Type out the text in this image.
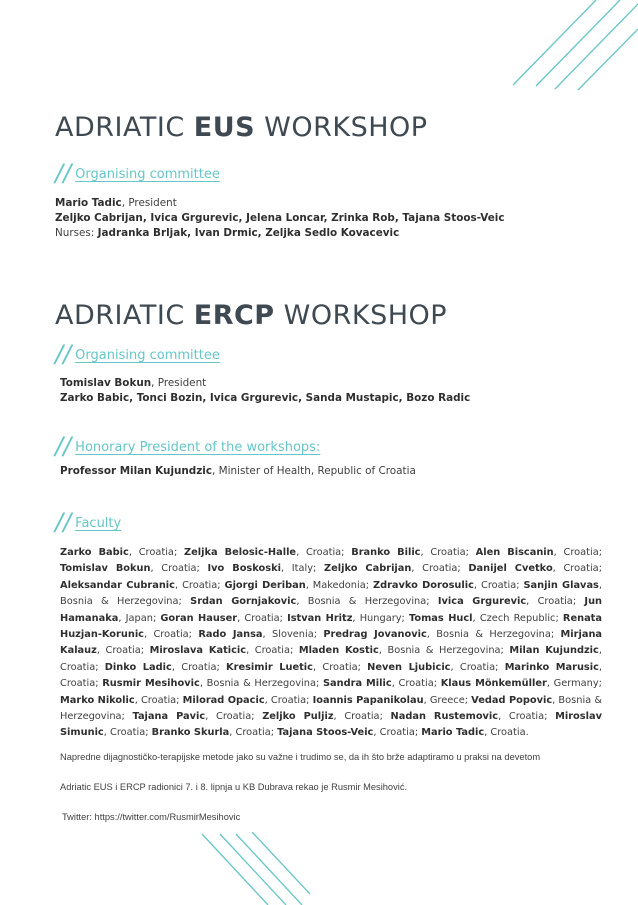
ADRIATIC EUS WORKSHOP
// Organising committee
Mario Tadic, President
Zeljko Cabrijan, Ivica Grgurevic, Jelena Loncar, Zrinka Rob, Tajana Stoos-Veic
Nurses: Jadranka Brljak, Ivan Drmic, Zeljka Sedlo Kovacevic
ADRIATIC ERCP WORKSHOP
// Organising committee
Tomislav Bokun, President
Zarko Babic, Tonci Bozin, Ivica Grgurevic, Sanda Mustapic, Bozo Radic
// Honorary President of the workshops:
Professor Milan Kujundzic, Minister of Health, Republic of Croatia
// Faculty
Zarko Babic, Croatia; Zeljka Belosic-Halle, Croatia; Branko Bilic, Croatia; Alen Biscanin, Croatia; Tomislav Bokun, Croatia; Ivo Boskoski, Italy; Zeljko Cabrijan, Croatia; Danijel Cvetko, Croatia; Aleksandar Cubranic, Croatia; Gjorgi Deriban, Makedonia; Zdravko Dorosulic, Croatia; Sanjin Glavas, Bosnia & Herzegovina; Srdan Gornjakovic, Bosnia & Herzegovina; Ivica Grgurevic, Croatia; Jun Hamanaka, Japan; Goran Hauser, Croatia; Istvan Hritz, Hungary; Tomas Hucl, Czech Republic; Renata Huzjan-Korunic, Croatia; Rado Jansa, Slovenia; Predrag Jovanovic, Bosnia & Herzegovina; Mirjana Kalauz, Croatia; Miroslava Katicic, Croatia; Mladen Kostic, Bosnia & Herzegovina; Milan Kujundzic, Croatia; Dinko Ladic, Croatia; Kresimir Luetic, Croatia; Neven Ljubicic, Croatia; Marinko Marusic, Croatia; Rusmir Mesihovic, Bosnia & Herzegovina; Sandra Milic, Croatia; Klaus Mönkemüller, Germany; Marko Nikolic, Croatia; Milorad Opacic, Croatia; Ioannis Papanikolau, Greece; Vedad Popovic, Bosnia & Herzegovina; Tajana Pavic, Croatia; Zeljko Puljiz, Croatia; Nadan Rustemovic, Croatia; Miroslav Simunic, Croatia; Branko Skurla, Croatia; Tajana Stoos-Veic, Croatia; Mario Tadic, Croatia.
Napredne dijagnostičko-terapijske metode jako su važne i trudimo se, da ih što brže adaptiramo u praksi na devetom
Adriatic EUS i ERCP radionici 7. i 8. lipnja u KB Dubrava rekao je Rusmir Mesihović.
Twitter: https://twitter.com/RusmirMesihovic
